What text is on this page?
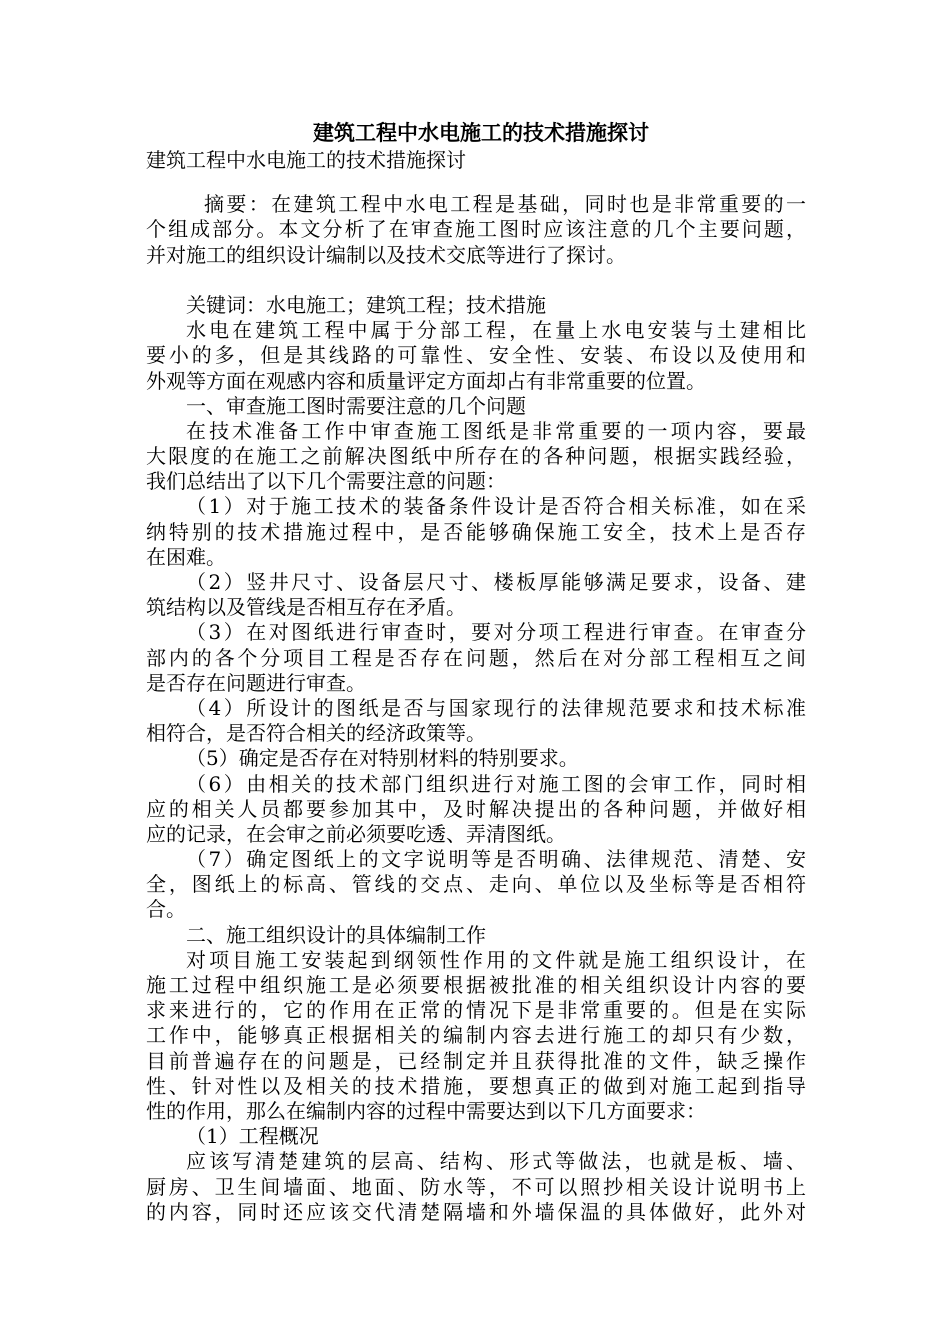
建筑工程中水电施工的技术措施探讨
建筑工程中水电施工的技术措施探讨
摘要：在建筑工程中水电工程是基础，同时也是非常重要的一
个组成部分。本文分析了在审查施工图时应该注意的几个主要问题，
并对施工的组织设计编制以及技术交底等进行了探讨。
关键词：水电施工；建筑工程；技术措施
水电在建筑工程中属于分部工程，在量上水电安装与土建相比
要小的多，但是其线路的可靠性、安全性、安装、布设以及使用和
外观等方面在观感内容和质量评定方面却占有非常重要的位置。
一、审查施工图时需要注意的几个问题
在技术准备工作中审查施工图纸是非常重要的一项内容，要最
大限度的在施工之前解决图纸中所存在的各种问题，根据实践经验，
我们总结出了以下几个需要注意的问题：
（1）对于施工技术的装备条件设计是否符合相关标准，如在采
纳特别的技术措施过程中，是否能够确保施工安全，技术上是否存
在困难。
（2）竖井尺寸、设备层尺寸、楼板厚能够满足要求，设备、建
筑结构以及管线是否相互存在矛盾。
（3）在对图纸进行审查时，要对分项工程进行审查。在审查分
部内的各个分项目工程是否存在问题，然后在对分部工程相互之间
是否存在问题进行审查。
（4）所设计的图纸是否与国家现行的法律规范要求和技术标准
相符合，是否符合相关的经济政策等。
（5）确定是否存在对特别材料的特别要求。
（6）由相关的技术部门组织进行对施工图的会审工作，同时相
应的相关人员都要参加其中，及时解决提出的各种问题，并做好相
应的记录，在会审之前必须要吃透、弄清图纸。
（7）确定图纸上的文字说明等是否明确、法律规范、清楚、安
全，图纸上的标高、管线的交点、走向、单位以及坐标等是否相符
合。
二、施工组织设计的具体编制工作
对项目施工安装起到纲领性作用的文件就是施工组织设计，在
施工过程中组织施工是必须要根据被批准的相关组织设计内容的要
求来进行的，它的作用在正常的情况下是非常重要的。但是在实际
工作中，能够真正根据相关的编制内容去进行施工的却只有少数，
目前普遍存在的问题是，已经制定并且获得批准的文件，缺乏操作
性、针对性以及相关的技术措施，要想真正的做到对施工起到指导
性的作用，那么在编制内容的过程中需要达到以下几方面要求：
（1）工程概况
应该写清楚建筑的层高、结构、形式等做法，也就是板、墙、
厨房、卫生间墙面、地面、防水等，不可以照抄相关设计说明书上
的内容，同时还应该交代清楚隔墙和外墙保温的具体做好，此外对
